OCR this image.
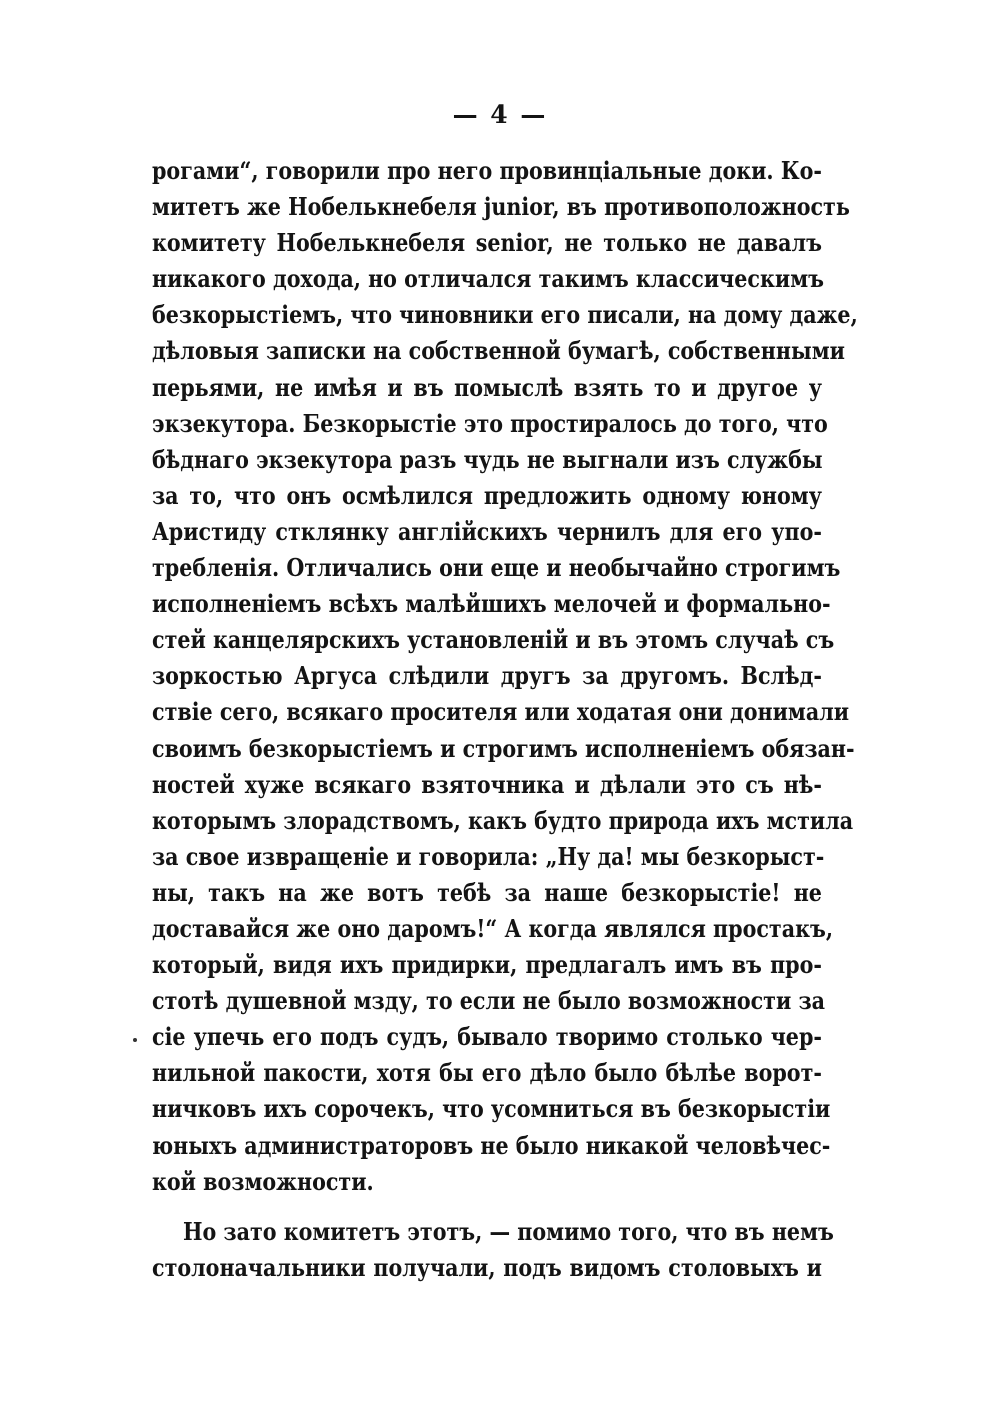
— 4 —
рогами“, говорили про него провинціальные доки. Ко-
митетъ же Нобелькнебеля junior, въ противоположность
комитету Нобелькнебеля senior, не только не давалъ
никакого дохода, но отличался такимъ классическимъ
безкорыстіемъ, что чиновники его писали, на дому даже,
дѣловыя записки на собственной бумагѣ, собственными
перьями, не имѣя и въ помыслѣ взять то и другое у
экзекутора. Безкорыстіе это простиралось до того, что
бѣднаго экзекутора разъ чудь не выгнали изъ службы
за то, что онъ осмѣлился предложить одному юному
Аристиду стклянку англійскихъ чернилъ для его упо-
требленія. Отличались они еще и необычайно строгимъ
исполненіемъ всѣхъ малѣйшихъ мелочей и формально-
стей канцелярскихъ установленій и въ этомъ случаѣ съ
зоркостью Аргуса слѣдили другъ за другомъ. Вслѣд-
ствіе сего, всякаго просителя или ходатая они донимали
своимъ безкорыстіемъ и строгимъ исполненіемъ обязан-
ностей хуже всякаго взяточника и дѣлали это съ нѣ-
которымъ злорадствомъ, какъ будто природа ихъ мстила
за свое извращеніе и говорила: „Ну да! мы безкорыст-
ны, такъ на же вотъ тебѣ за наше безкорыстіе! не
доставайся же оно даромъ!“ А когда являлся простакъ,
который, видя ихъ придирки, предлагалъ имъ въ про-
стотѣ душевной мзду, то если не было возможности за
сіе упечь его подъ судъ, бывало творимо столько чер-
нильной пакости, хотя бы его дѣло было бѣлѣе ворот-
ничковъ ихъ сорочекъ, что усомниться въ безкорыстіи
юныхъ администраторовъ не было никакой человѣчес-
кой возможности.
Но зато комитетъ этотъ, — помимо того, что въ немъ
столоначальники получали, подъ видомъ столовыхъ и
